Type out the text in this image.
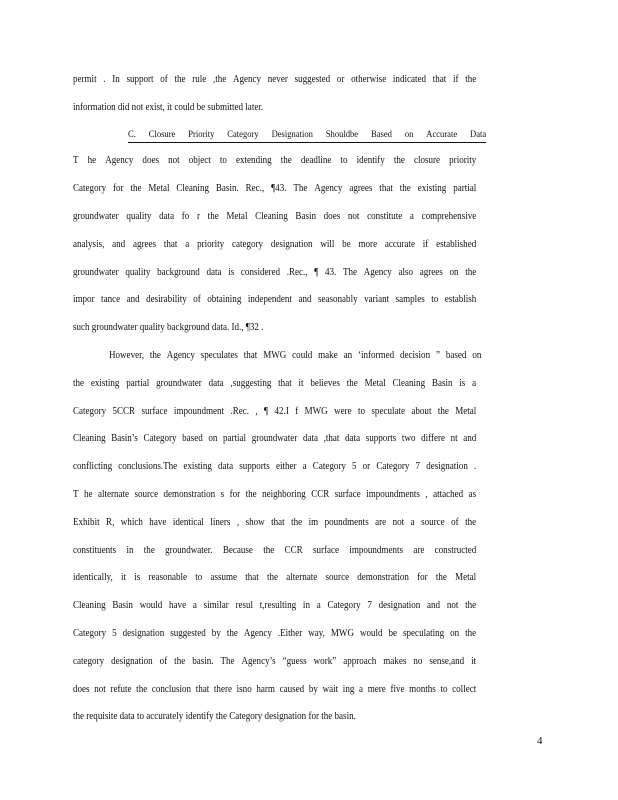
permit . In support of the rule ,the Agency never suggested or otherwise indicated that if the
information did not exist, it could be submitted later.
C. Closure Priority Category Designation Shouldbe Based on Accurate Data
T he Agency does not object to extending the deadline to identify the closure priority
Category for the Metal Cleaning Basin. Rec., ¶43. The Agency agrees that the existing partial
groundwater quality data fo r the Metal Cleaning Basin does not constitute a comprehensive
analysis, and agrees that a priority category designation will be more accurate if established
groundwater quality background data is considered .Rec., ¶ 43. The Agency also agrees on the
impor tance and desirability of obtaining independent and seasonably variant samples to establish
such groundwater quality background data. Id., ¶32 .
However, the Agency speculates that MWG could make an ‘informed decision ” based on
the existing partial groundwater data ,suggesting that it believes the Metal Cleaning Basin is a
Category 5CCR surface impoundment .Rec. , ¶ 42.I f MWG were to speculate about the Metal
Cleaning Basin’s Category based on partial groundwater data ,that data supports two differe nt and
conflicting conclusions.The existing data supports either a Category 5 or Category 7 designation .
T he alternate source demonstration s for the neighboring CCR surface impoundments , attached as
Exhibit R, which have identical liners , show that the im poundments are not a source of the
constituents in the groundwater. Because the CCR surface impoundments are constructed
identically, it is reasonable to assume that the alternate source demonstration for the Metal
Cleaning Basin would have a similar resul t,resulting in a Category 7 designation and not the
Category 5 designation suggested by the Agency .Either way, MWG would be speculating on the
category designation of the basin. The Agency’s “guess work” approach makes no sense,and it
does not refute the conclusion that there isno harm caused by wait ing a mere five months to collect
the requisite data to accurately identify the Category designation for the basin.
4
